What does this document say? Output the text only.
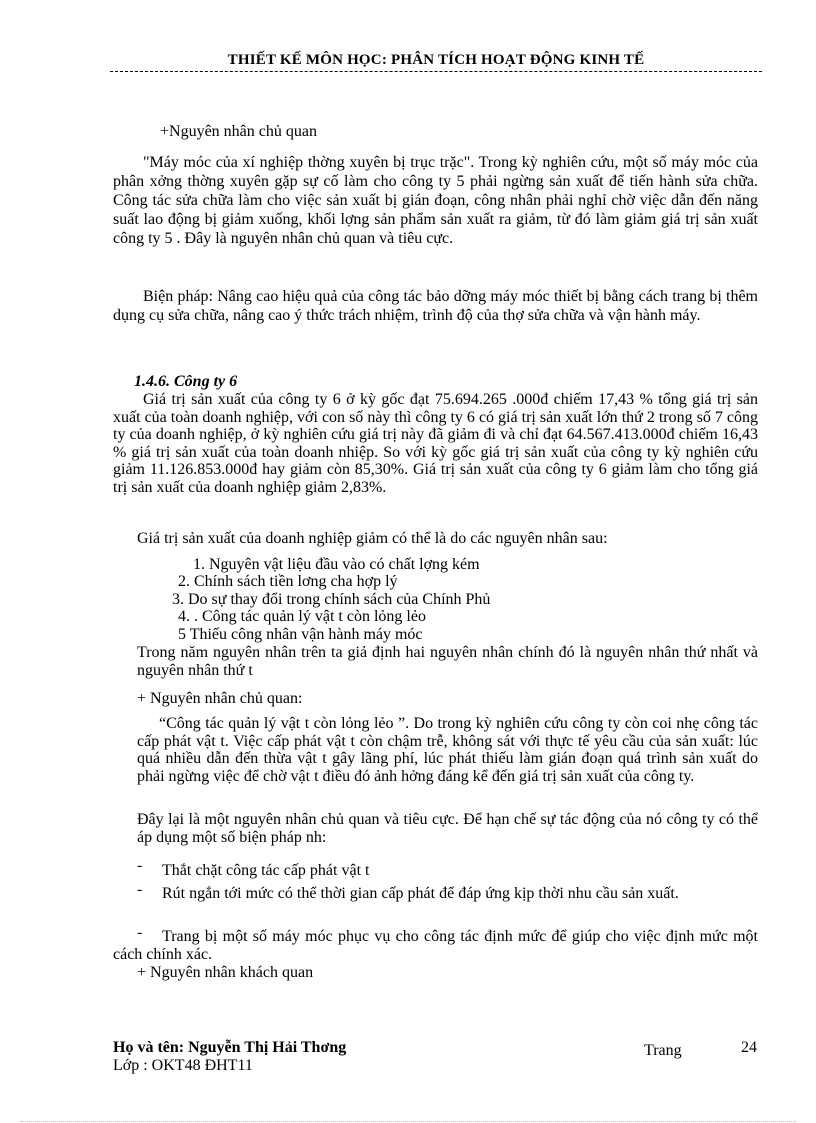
THIẾT KẾ MÔN HỌC: PHÂN TÍCH HOẠT ĐỘNG KINH TẾ

+Nguyên nhân chủ quan

"Máy móc của xí nghiệp thờng xuyên bị trục trặc". Trong kỳ nghiên cứu, một số máy móc của phân xởng thờng xuyên gặp sự cố làm cho công ty 5 phải ngừng sản xuất để tiến hành sửa chữa. Công tác sửa chữa làm cho việc sản xuất bị gián đoạn, công nhân phải nghỉ chờ việc dẫn đến năng suất lao động bị giảm xuống, khối lợng sản phẩm sản xuất ra giảm, từ đó làm giảm giá trị sản xuất công ty 5 . Đây là nguyên nhân chủ quan và tiêu cực.

Biện pháp: Nâng cao hiệu quả của công tác bảo dỡng máy móc thiết bị bằng cách trang bị thêm dụng cụ sửa chữa, nâng cao ý thức trách nhiệm, trình độ của thợ sửa chữa và vận hành máy.

1.4.6. Công ty 6

Giá trị sản xuất của công ty 6 ở kỳ gốc đạt 75.694.265 .000đ chiếm 17,43 % tổng giá trị sản xuất của toàn doanh nghiệp, với con số này thì công ty 6 có giá trị sản xuất lớn thứ 2 trong số 7 công ty của doanh nghiệp, ở kỳ nghiên cứu giá trị này đã giảm đi và chỉ đạt 64.567.413.000đ chiếm 16,43 % giá trị sản xuất của toàn doanh nhiệp. So với kỳ gốc giá trị sản xuất của công ty kỳ nghiên cứu giảm 11.126.853.000đ hay giảm còn 85,30%. Giá trị sản xuất của công ty 6 giảm làm cho tổng giá trị sản xuất của doanh nghiệp giảm 2,83%.

Giá trị sản xuất của doanh nghiệp giảm có thể là do các nguyên nhân sau:

1. Nguyên vật liệu đầu vào có chất lợng kém

2. Chính sách tiền lơng cha hợp lý

3. Do sự thay đổi trong chính sách của Chính Phủ

4. . Công tác quản lý vật t còn lỏng lẻo

5 Thiếu công nhân vận hành máy móc

Trong năm nguyên nhân trên ta giả định hai nguyên nhân chính đó là nguyên nhân thứ nhất và nguyên nhân thứ t

+ Nguyên nhân chủ quan:

“Công tác quản lý vật t còn lỏng lẻo ”. Do trong kỳ nghiên cứu công ty còn coi nhẹ công tác cấp phát vật t. Việc cấp phát vật t còn chậm trễ, không sát với thực tế yêu cầu của sản xuất: lúc quá nhiều dẫn đến thừa vật t gây lãng phí, lúc phát thiếu làm gián đoạn quá trình sản xuất do phải ngừng việc để chờ vật t điều đó ảnh hởng đáng kể đến giá trị sản xuất của công ty.

Đây lại là một nguyên nhân chủ quan và tiêu cực. Để hạn chế sự tác động của nó công ty có thể áp dụng một số biện pháp nh:

- Thắt chặt công tác cấp phát vật t

-	Rút ngắn tới mức có thể thời gian cấp phát để đáp ứng kịp thời nhu cầu sản xuất.

-	Trang bị một số máy móc phục vụ cho công tác định mức để giúp cho việc định mức một cách chính xác.

+ Nguyên nhân khách quan

Họ và tên: Nguyễn Thị Hải Thơng

Lớp : OKT48 ĐHT11

Trang	24
